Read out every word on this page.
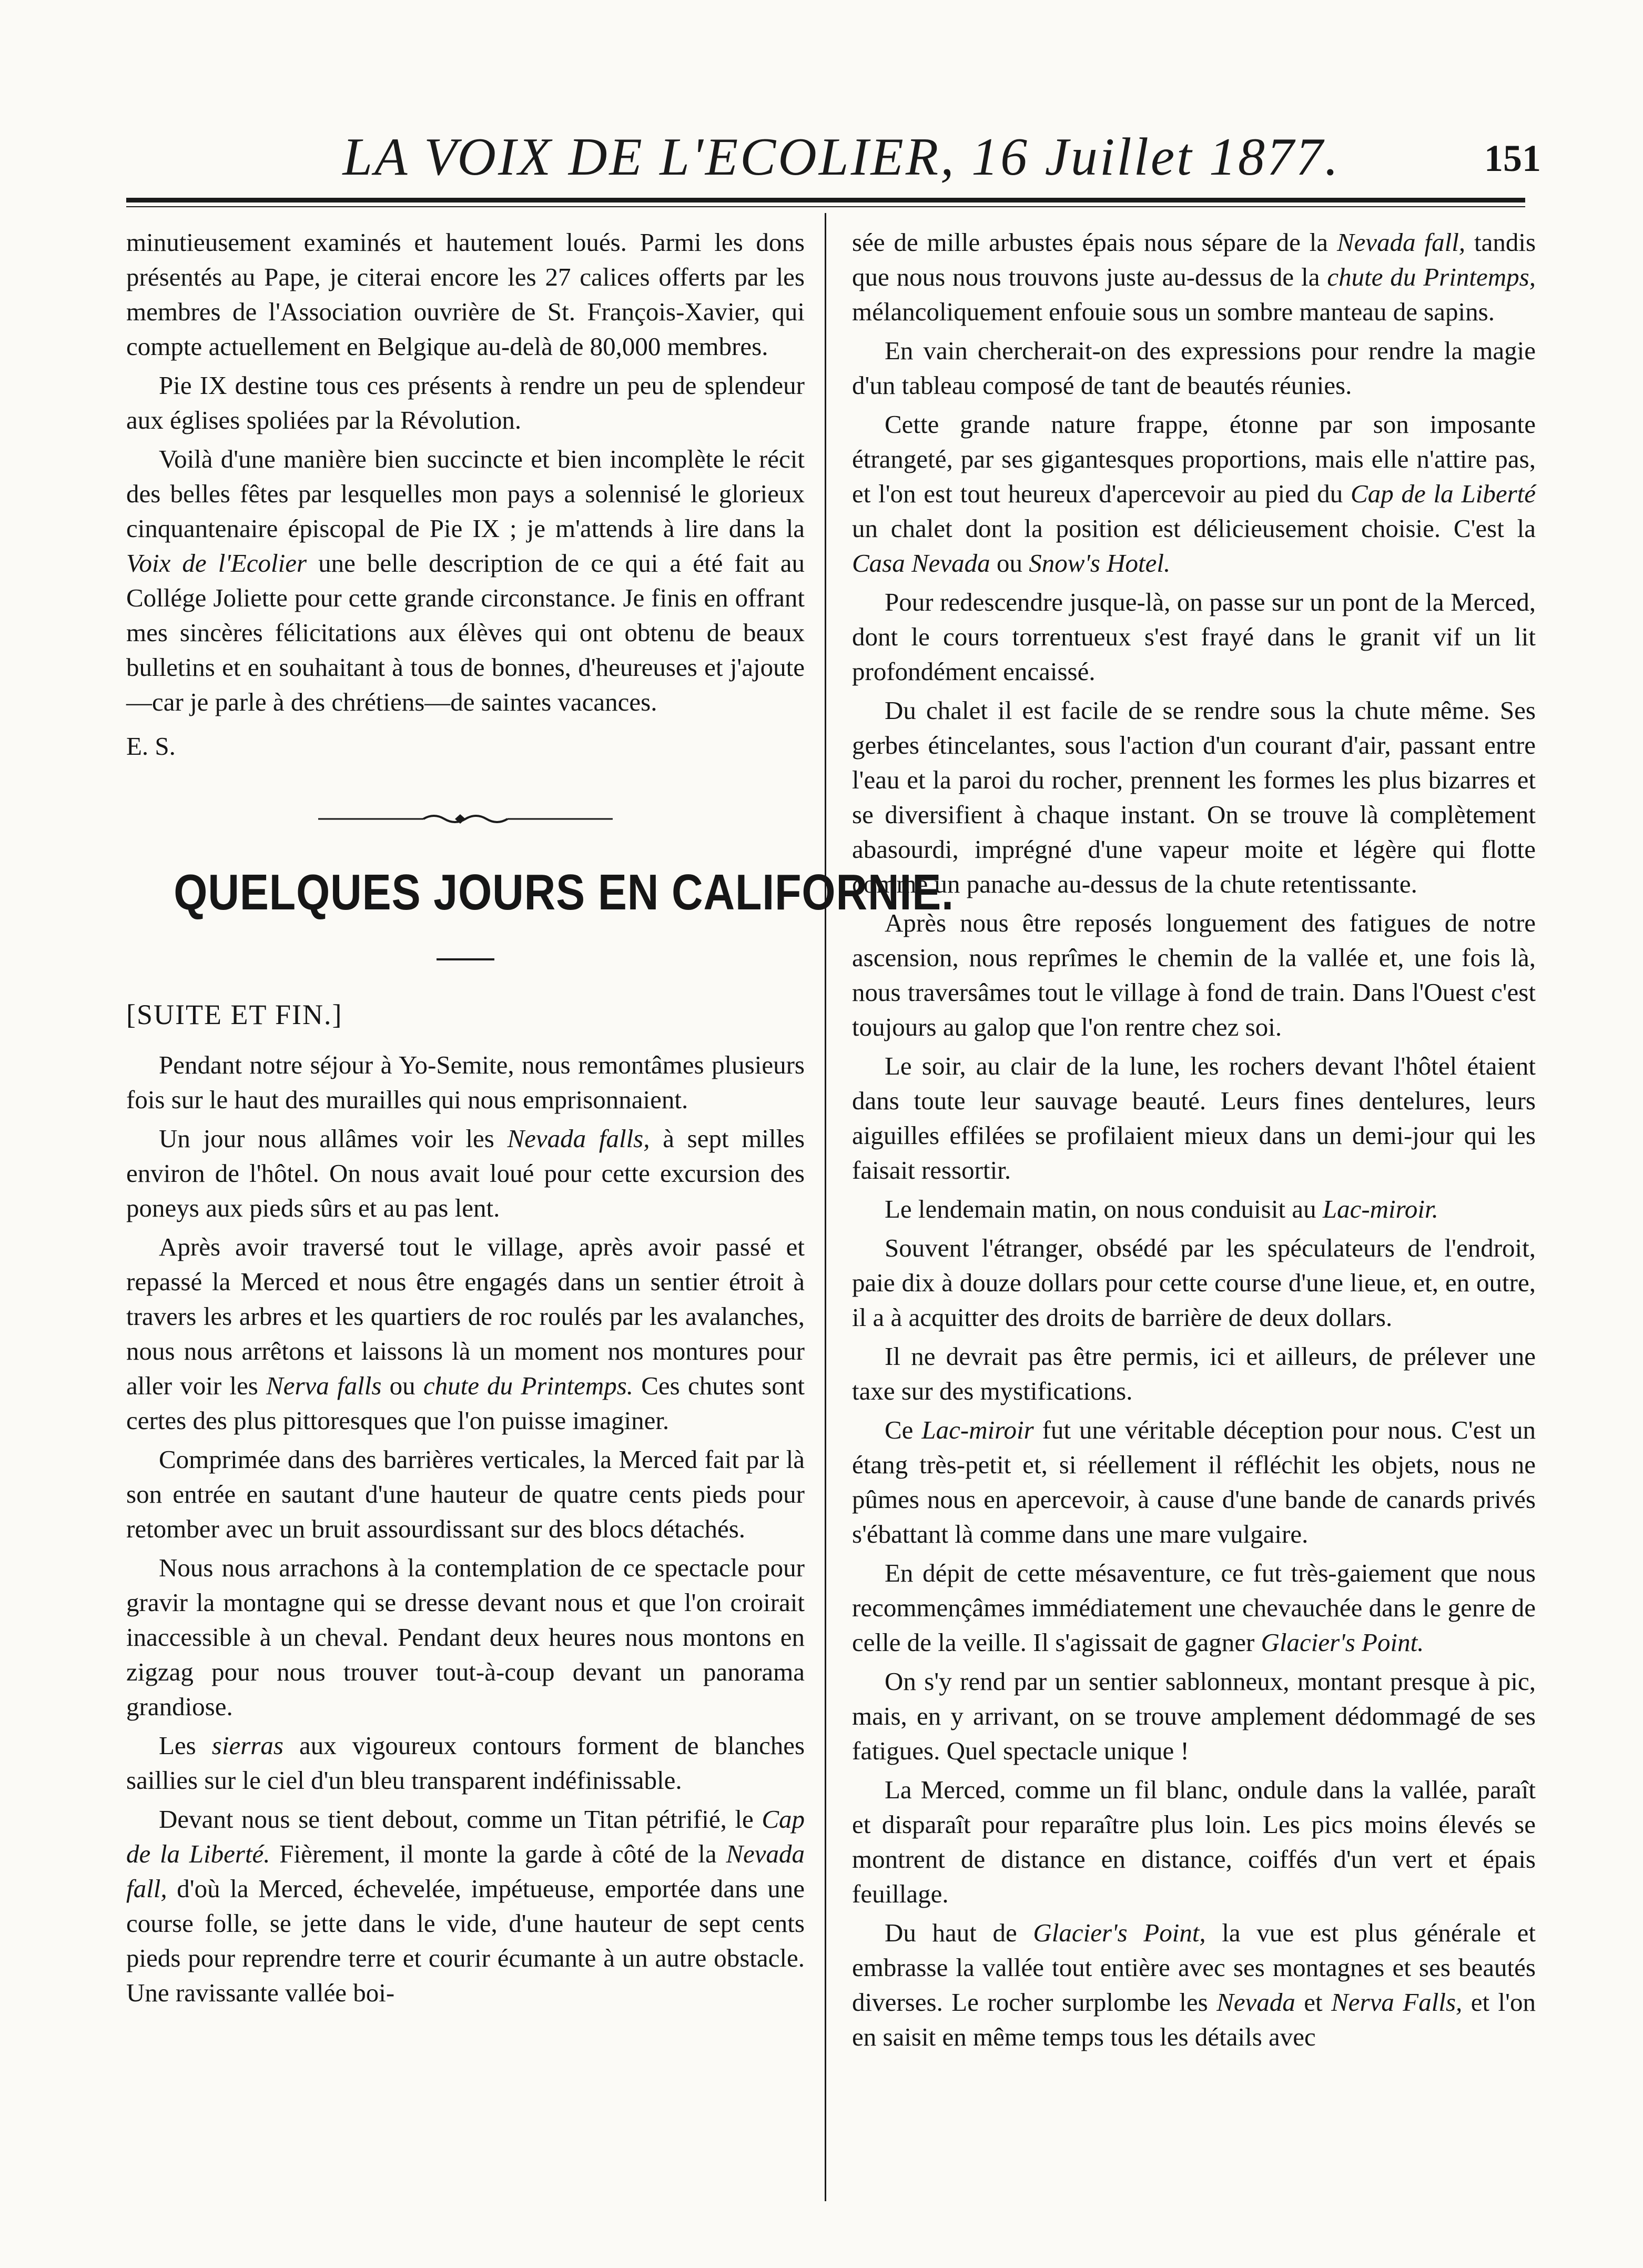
LA VOIX DE L'ECOLIER, 16 Juillet 1877.	151

minutieusement examinés et hautement loués. Parmi les dons présentés au Pape, je citerai encore les 27 calices offerts par les membres de l'Association ouvrière de St. François-Xavier, qui compte actuellement en Belgique au-delà de 80,000 membres.

Pie IX destine tous ces présents à rendre un peu de splendeur aux églises spoliées par la Révolution.

Voilà d'une manière bien succincte et bien incomplète le récit des belles fêtes par lesquelles mon pays a solennisé le glorieux cinquantenaire épiscopal de Pie IX ; je m'attends à lire dans la Voix de l'Ecolier une belle description de ce qui a été fait au Collége Joliette pour cette grande circonstance. Je finis en offrant mes sincères félicitations aux élèves qui ont obtenu de beaux bulletins et en souhaitant à tous de bonnes, d'heureuses et j'ajoute—car je parle à des chrétiens—de saintes vacances.

E. S.

QUELQUES JOURS EN CALIFORNIE.
[SUITE ET FIN.]

Pendant notre séjour à Yo-Semite, nous remontâmes plusieurs fois sur le haut des murailles qui nous emprisonnaient.

Un jour nous allâmes voir les Nevada falls, à sept milles environ de l'hôtel. On nous avait loué pour cette excursion des poneys aux pieds sûrs et au pas lent.

Après avoir traversé tout le village, après avoir passé et repassé la Merced et nous être engagés dans un sentier étroit à travers les arbres et les quartiers de roc roulés par les avalanches, nous nous arrêtons et laissons là un moment nos montures pour aller voir les Nerva falls ou chute du Printemps. Ces chutes sont certes des plus pittoresques que l'on puisse imaginer.

Comprimée dans des barrières verticales, la Merced fait par là son entrée en sautant d'une hauteur de quatre cents pieds pour retomber avec un bruit assourdissant sur des blocs détachés.

Nous nous arrachons à la contemplation de ce spectacle pour gravir la montagne qui se dresse devant nous et que l'on croirait inaccessible à un cheval. Pendant deux heures nous montons en zigzag pour nous trouver tout-à-coup devant un panorama grandiose.

Les sierras aux vigoureux contours forment de blanches saillies sur le ciel d'un bleu transparent indéfinissable.

Devant nous se tient debout, comme un Titan pétrifié, le Cap de la Liberté. Fièrement, il monte la garde à côté de la Nevada fall, d'où la Merced, échevelée, impétueuse, emportée dans une course folle, se jette dans le vide, d'une hauteur de sept cents pieds pour reprendre terre et courir écumante à un autre obstacle. Une ravissante vallée boi-

sée de mille arbustes épais nous sépare de la Nevada fall, tandis que nous nous trouvons juste au-dessus de la chute du Printemps, mélancoliquement enfouie sous un sombre manteau de sapins.

En vain chercherait-on des expressions pour rendre la magie d'un tableau composé de tant de beautés réunies.

Cette grande nature frappe, étonne par son imposante étrangeté, par ses gigantesques proportions, mais elle n'attire pas, et l'on est tout heureux d'apercevoir au pied du Cap de la Liberté un chalet dont la position est délicieusement choisie. C'est la Casa Nevada ou Snow's Hotel.

Pour redescendre jusque-là, on passe sur un pont de la Merced, dont le cours torrentueux s'est frayé dans le granit vif un lit profondément encaissé.

Du chalet il est facile de se rendre sous la chute même. Ses gerbes étincelantes, sous l'action d'un courant d'air, passant entre l'eau et la paroi du rocher, prennent les formes les plus bizarres et se diversifient à chaque instant. On se trouve là complètement abasourdi, imprégné d'une vapeur moite et légère qui flotte comme un panache au-dessus de la chute retentissante.

Après nous être reposés longuement des fatigues de notre ascension, nous reprîmes le chemin de la vallée et, une fois là, nous traversâmes tout le village à fond de train. Dans l'Ouest c'est toujours au galop que l'on rentre chez soi.

Le soir, au clair de la lune, les rochers devant l'hôtel étaient dans toute leur sauvage beauté. Leurs fines dentelures, leurs aiguilles effilées se profilaient mieux dans un demi-jour qui les faisait ressortir.

Le lendemain matin, on nous conduisit au Lac-miroir.

Souvent l'étranger, obsédé par les spéculateurs de l'endroit, paie dix à douze dollars pour cette course d'une lieue, et, en outre, il a à acquitter des droits de barrière de deux dollars.

Il ne devrait pas être permis, ici et ailleurs, de prélever une taxe sur des mystifications.

Ce Lac-miroir fut une véritable déception pour nous. C'est un étang très-petit et, si réellement il réfléchit les objets, nous ne pûmes nous en apercevoir, à cause d'une bande de canards privés s'ébattant là comme dans une mare vulgaire.

En dépit de cette mésaventure, ce fut très-gaiement que nous recommençâmes immédiatement une chevauchée dans le genre de celle de la veille. Il s'agissait de gagner Glacier's Point.

On s'y rend par un sentier sablonneux, montant presque à pic, mais, en y arrivant, on se trouve amplement dédommagé de ses fatigues. Quel spectacle unique !

La Merced, comme un fil blanc, ondule dans la vallée, paraît et disparaît pour reparaître plus loin. Les pics moins élevés se montrent de distance en distance, coiffés d'un vert et épais feuillage.

Du haut de Glacier's Point, la vue est plus générale et embrasse la vallée tout entière avec ses montagnes et ses beautés diverses. Le rocher surplombe les Nevada et Nerva Falls, et l'on en saisit en même temps tous les détails avec
